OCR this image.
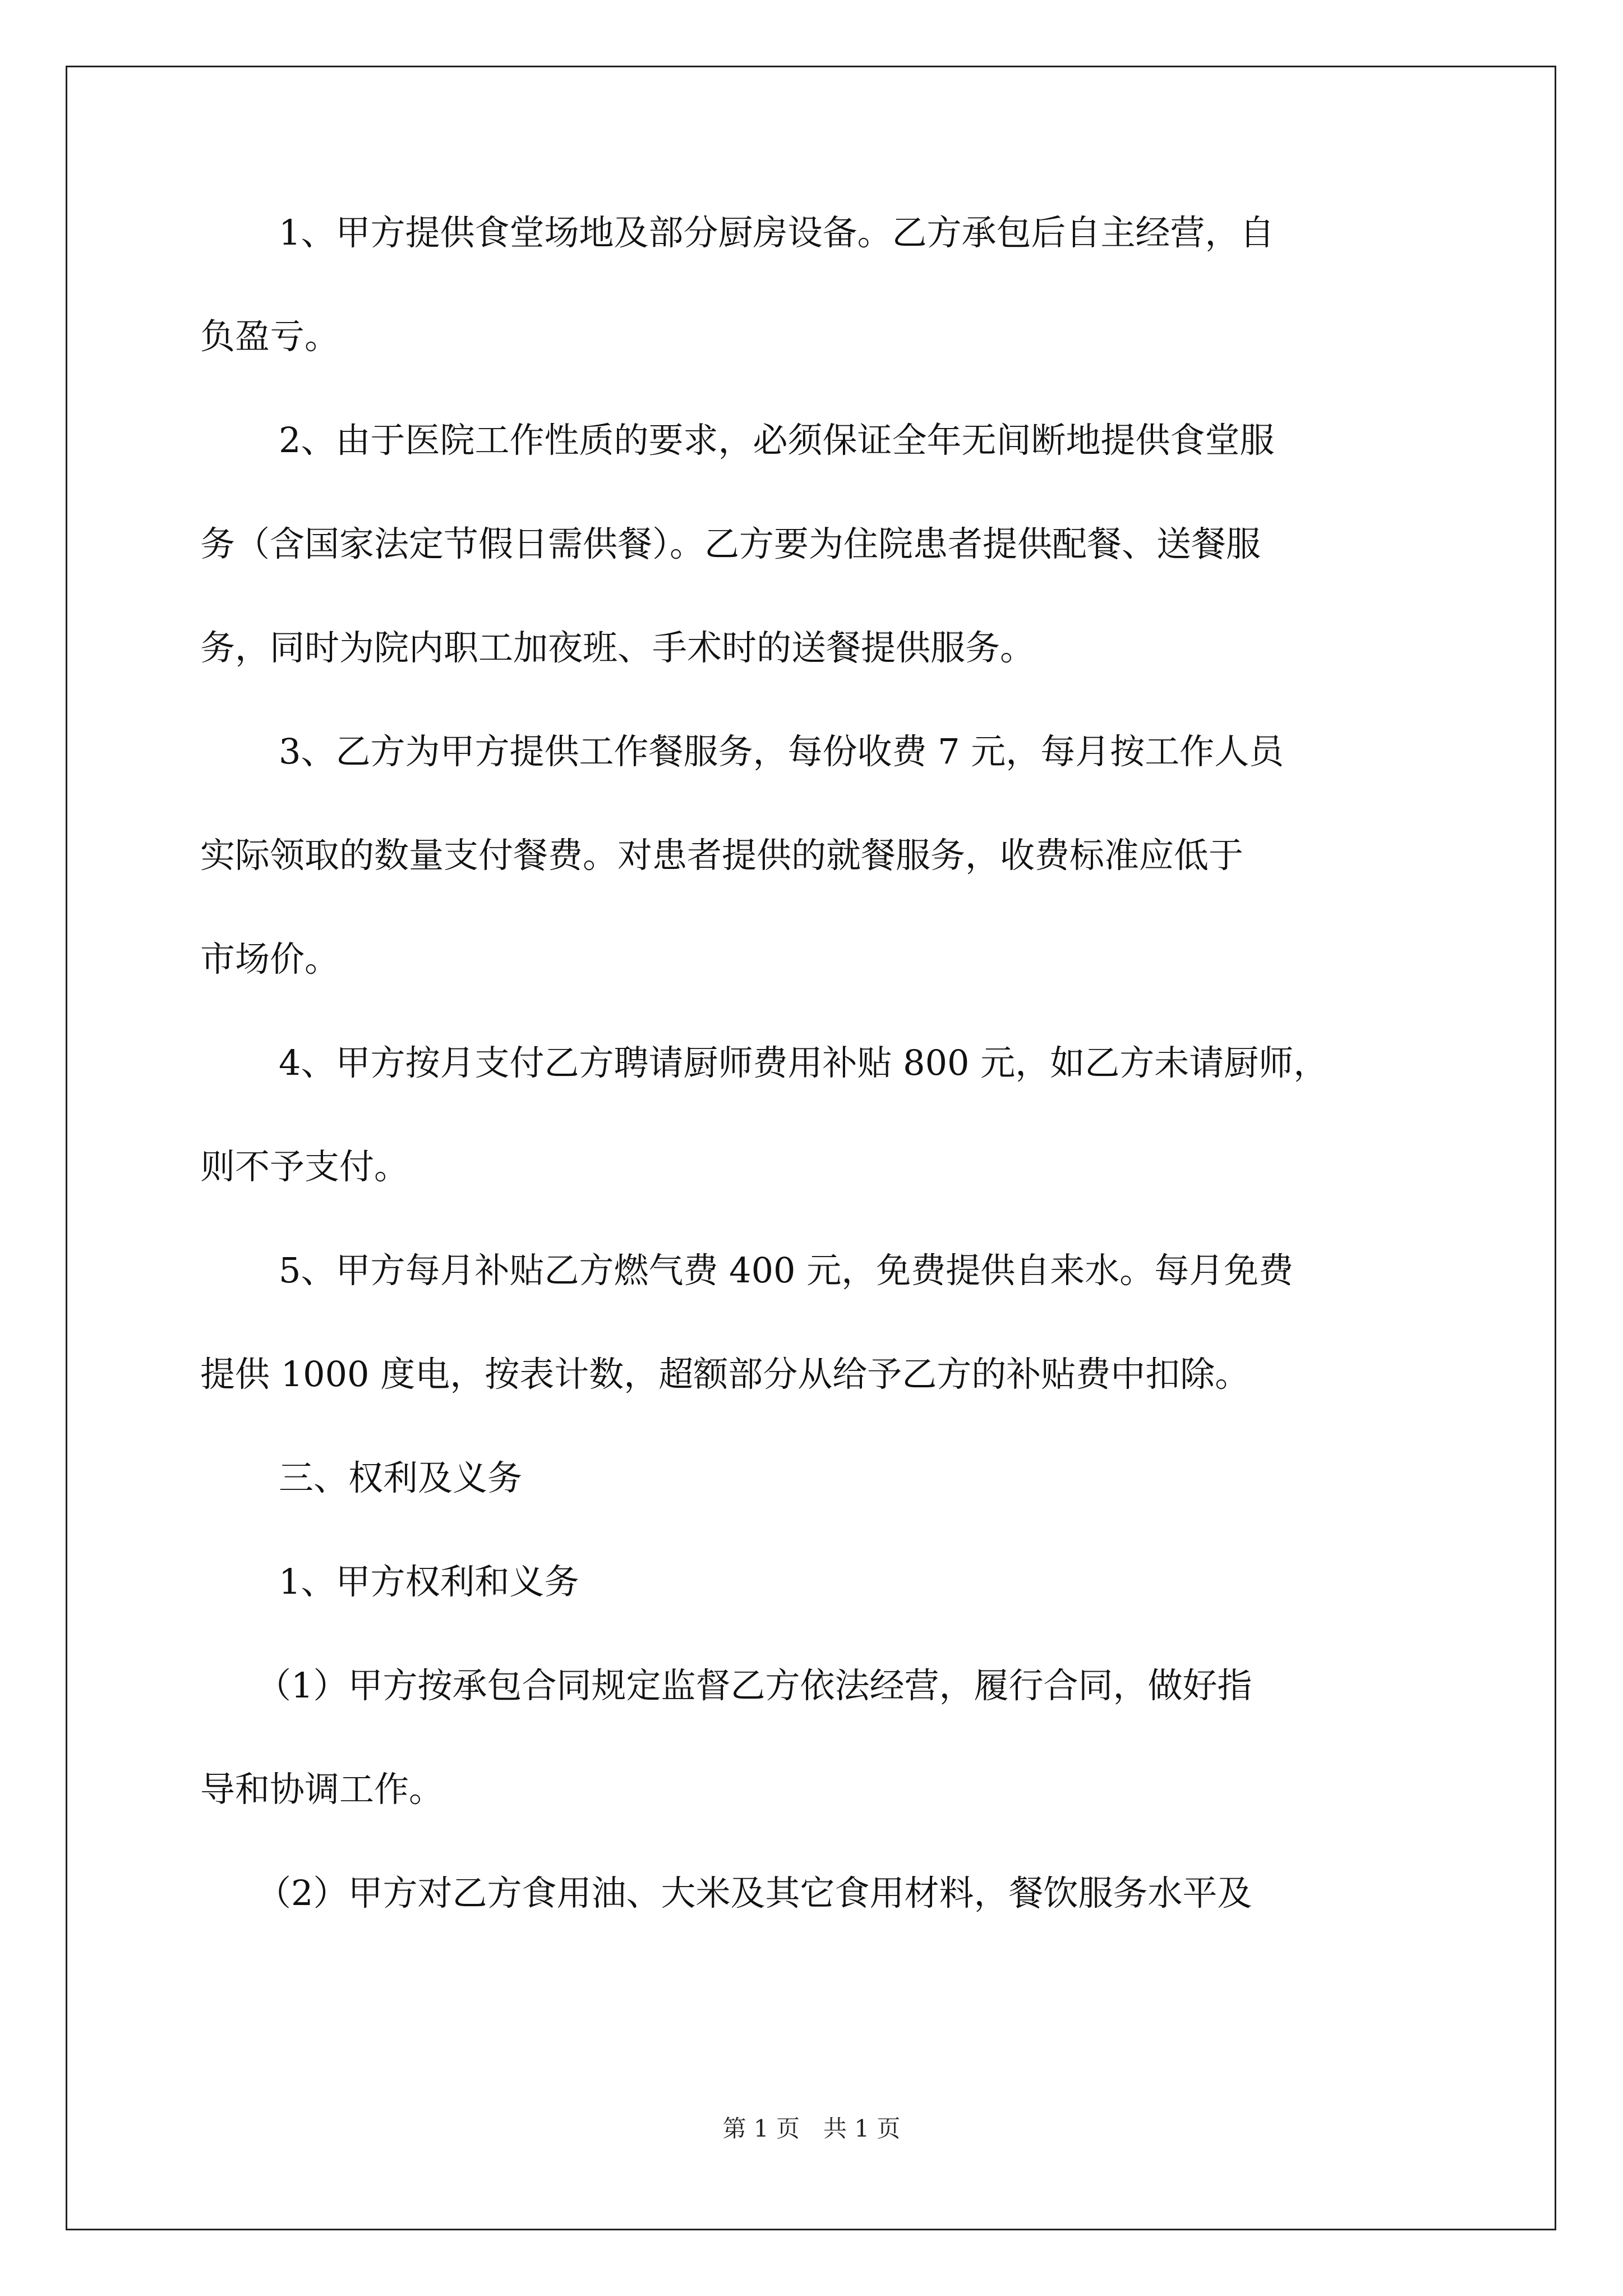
1、甲方提供食堂场地及部分厨房设备。乙方承包后自主经营，自
负盈亏。
2、由于医院工作性质的要求，必须保证全年无间断地提供食堂服
务（含国家法定节假日需供餐）。乙方要为住院患者提供配餐、送餐服
务，同时为院内职工加夜班、手术时的送餐提供服务。
3、乙方为甲方提供工作餐服务，每份收费 7 元，每月按工作人员
实际领取的数量支付餐费。对患者提供的就餐服务，收费标准应低于
市场价。
4、甲方按月支付乙方聘请厨师费用补贴 800 元，如乙方未请厨师，
则不予支付。
5、甲方每月补贴乙方燃气费 400 元，免费提供自来水。每月免费
提供 1000 度电，按表计数，超额部分从给予乙方的补贴费中扣除。
三、权利及义务
1、甲方权利和义务
（1）甲方按承包合同规定监督乙方依法经营，履行合同，做好指
导和协调工作。
（2）甲方对乙方食用油、大米及其它食用材料，餐饮服务水平及
第 1 页　共 1 页
